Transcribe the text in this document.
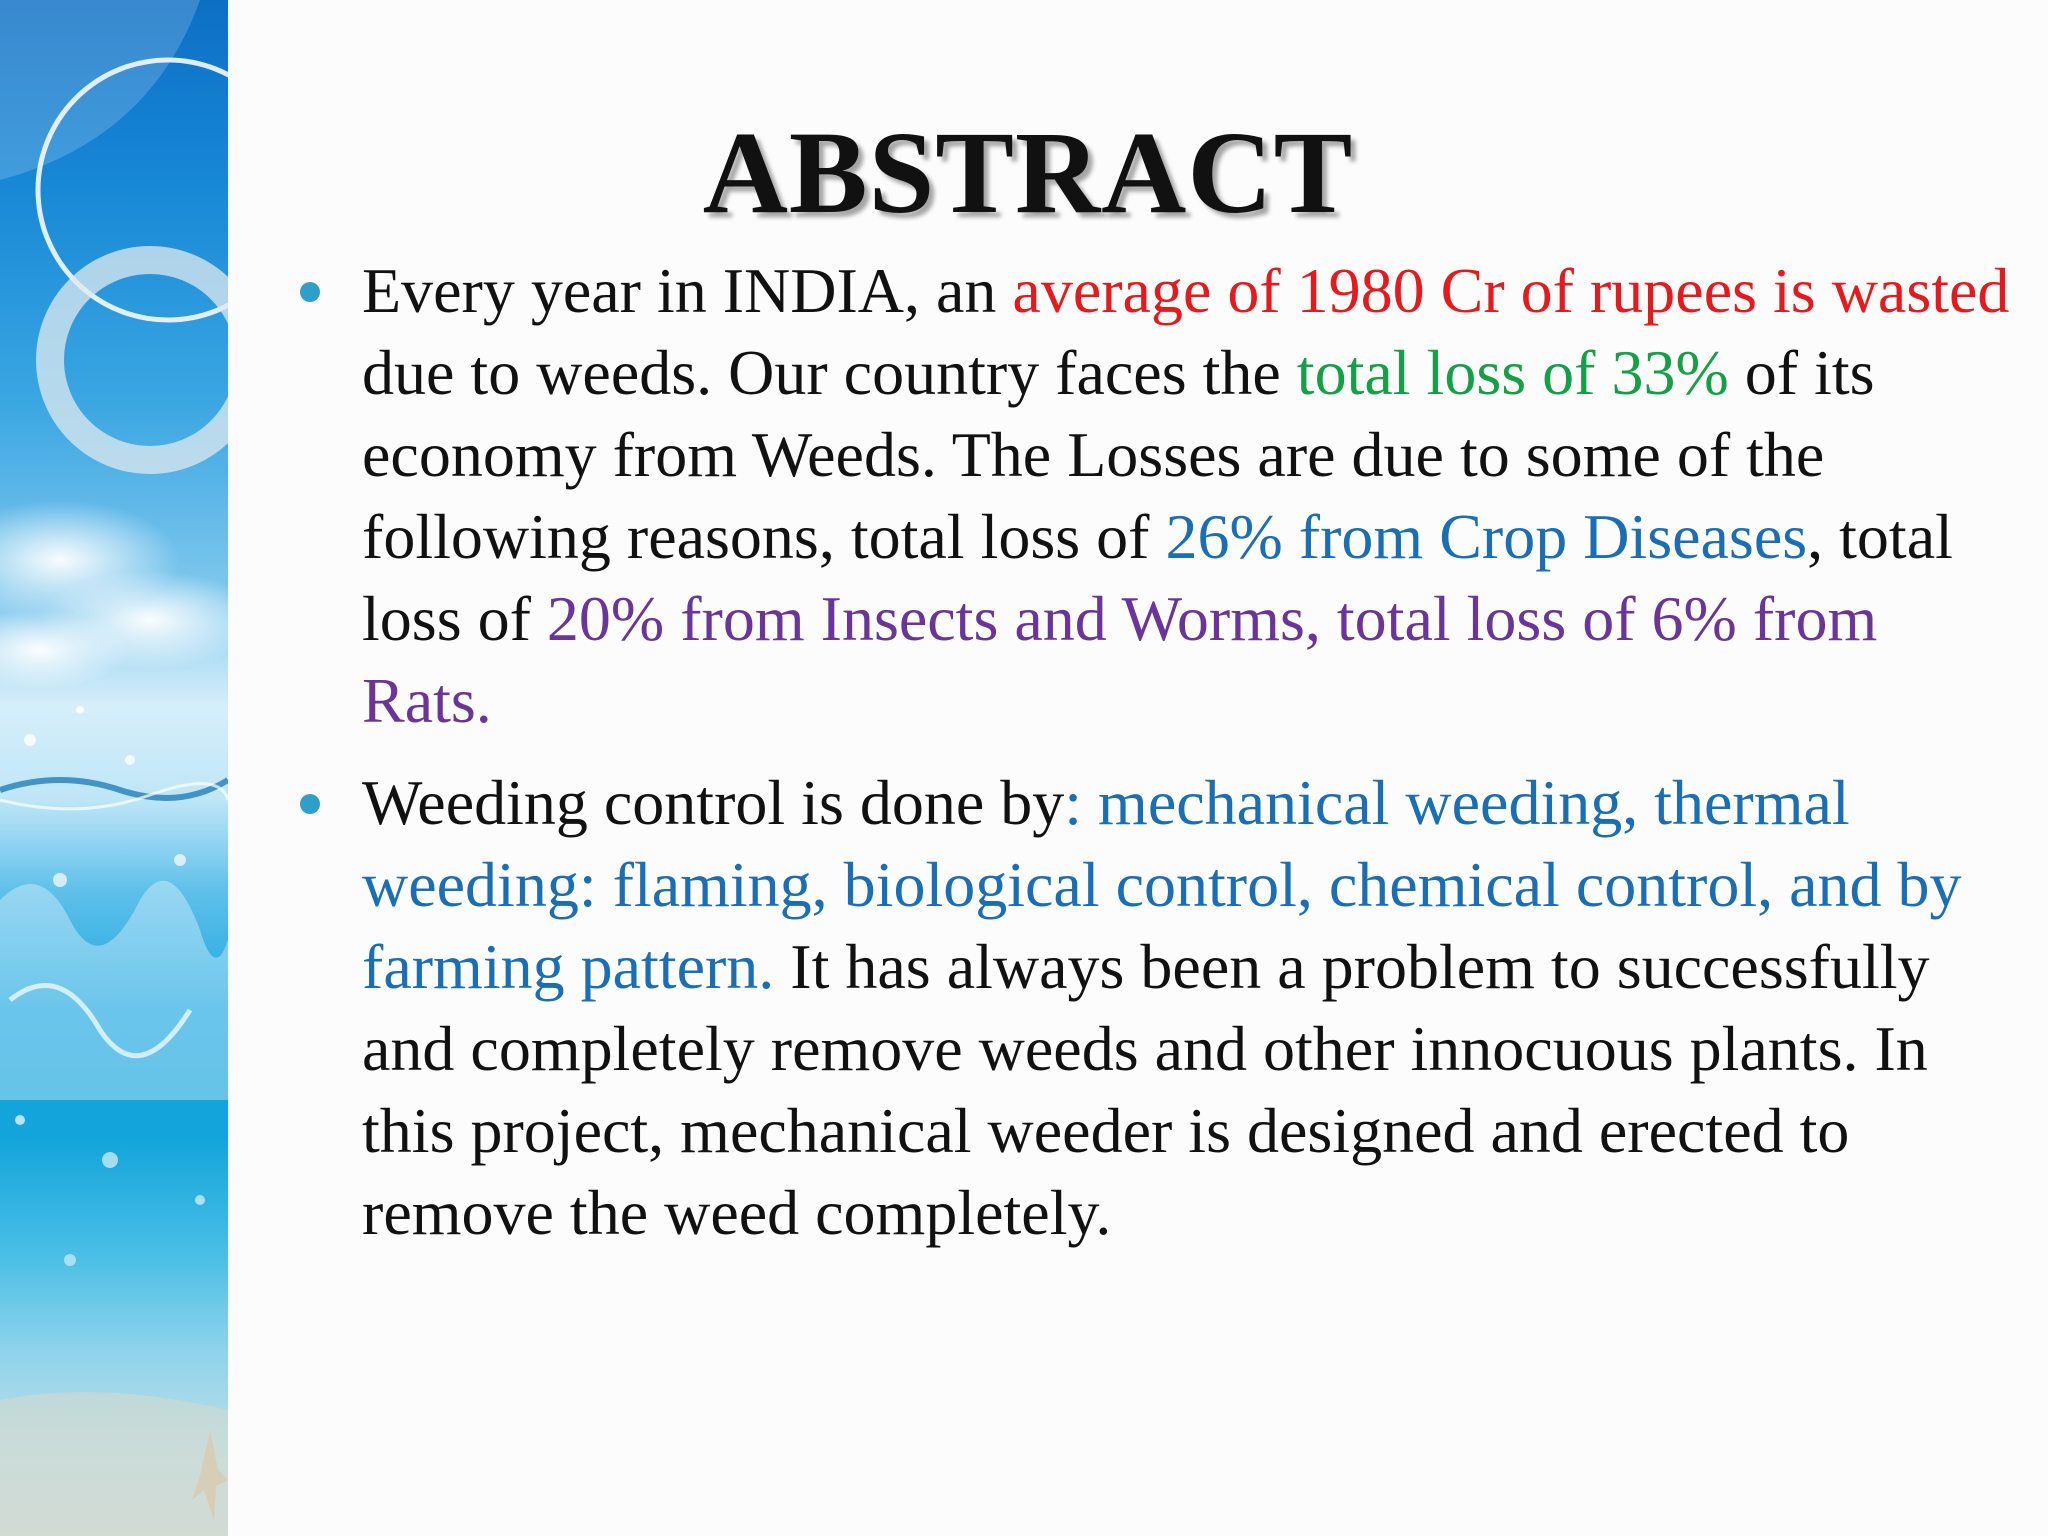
ABSTRACT
Every year in INDIA, an average of 1980 Cr of rupees is wasted due to weeds. Our country faces the total loss of 33% of its economy from Weeds. The Losses are due to some of the following reasons, total loss of 26% from Crop Diseases, total loss of 20% from Insects and Worms, total loss of 6% from Rats.
Weeding control is done by: mechanical weeding, thermal weeding: flaming, biological control, chemical control, and by farming pattern. It has always been a problem to successfully and completely remove weeds and other innocuous plants. In this project, mechanical weeder is designed and erected to remove the weed completely.
